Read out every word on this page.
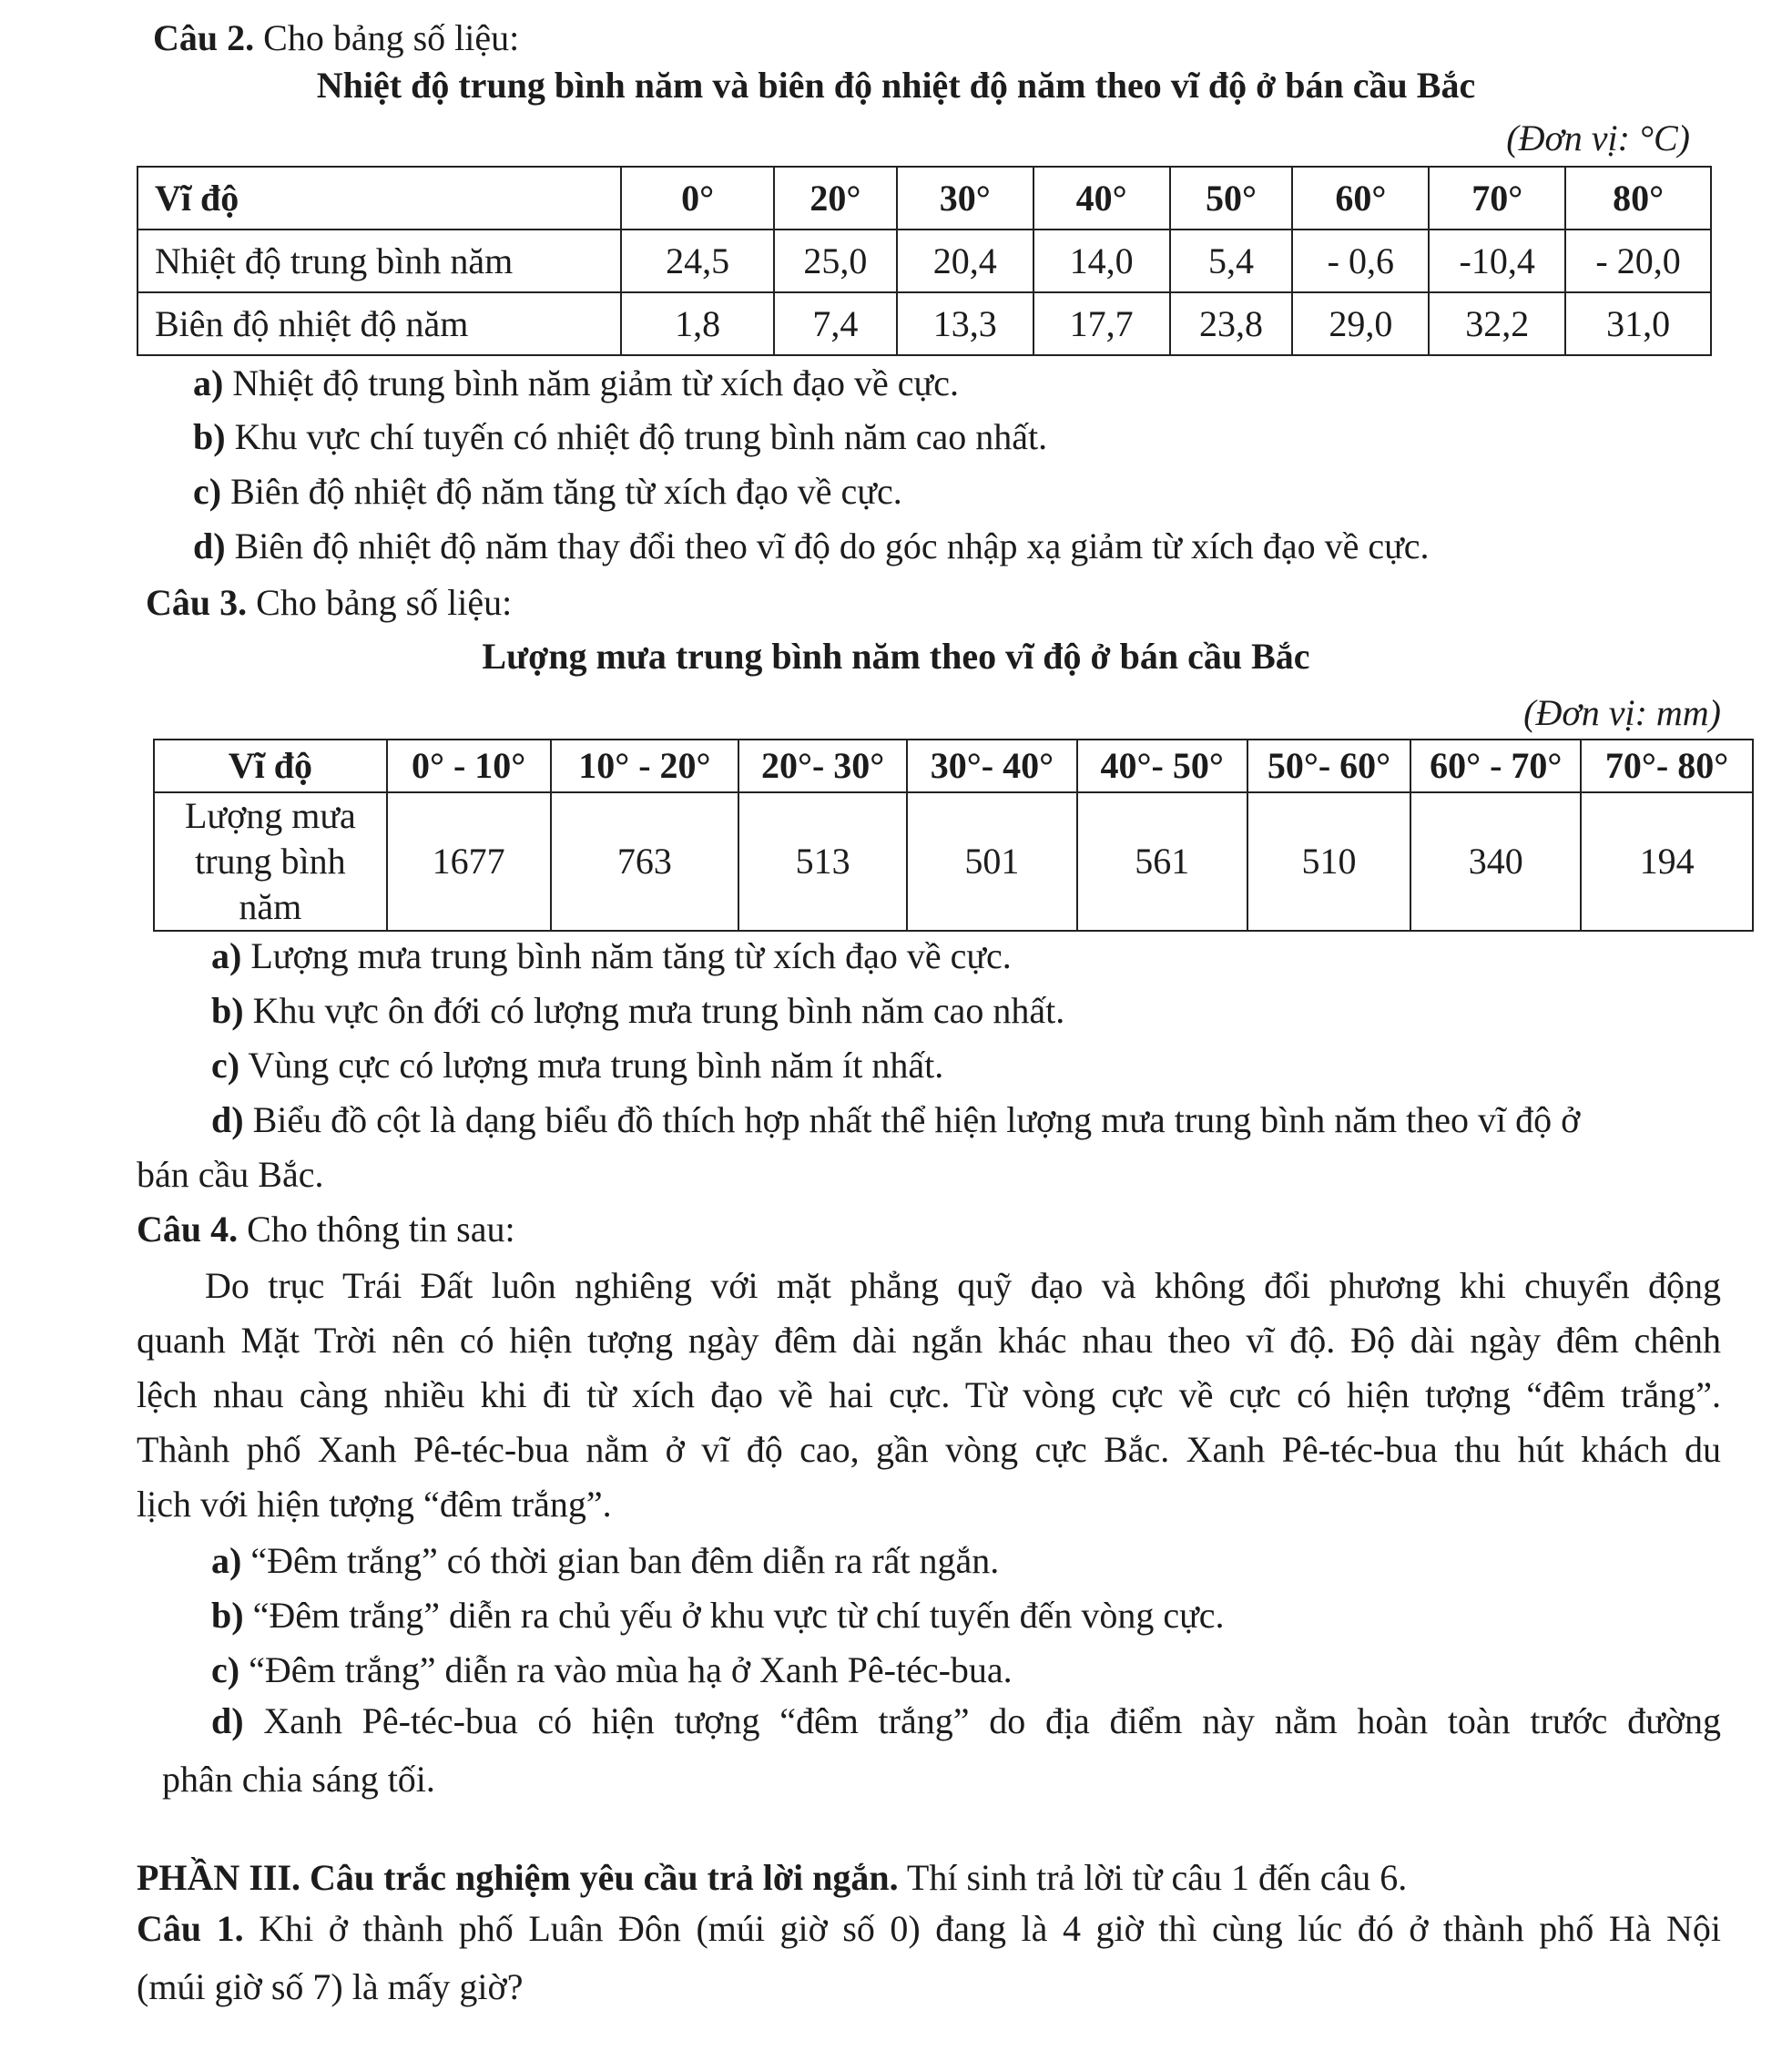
Câu 2. Cho bảng số liệu:
Nhiệt độ trung bình năm và biên độ nhiệt độ năm theo vĩ độ ở bán cầu Bắc
(Đơn vị: °C)
Vĩ độ	0°	20°	30°	40°	50°	60°	70°	80°
Nhiệt độ trung bình năm	24,5	25,0	20,4	14,0	5,4	- 0,6	-10,4	- 20,0
Biên độ nhiệt độ năm	1,8	7,4	13,3	17,7	23,8	29,0	32,2	31,0
a) Nhiệt độ trung bình năm giảm từ xích đạo về cực.
b) Khu vực chí tuyến có nhiệt độ trung bình năm cao nhất.
c) Biên độ nhiệt độ năm tăng từ xích đạo về cực.
d) Biên độ nhiệt độ năm thay đổi theo vĩ độ do góc nhập xạ giảm từ xích đạo về cực.
Câu 3. Cho bảng số liệu:
Lượng mưa trung bình năm theo vĩ độ ở bán cầu Bắc
(Đơn vị: mm)
Vĩ độ	0° - 10°	10° - 20°	20°- 30°	30°- 40°	40°- 50°	50°- 60°	60° - 70°	70°- 80°

Lượng mưa
trung bình
năm	1677	763	513	501	561	510	340	194
a) Lượng mưa trung bình năm tăng từ xích đạo về cực.
b) Khu vực ôn đới có lượng mưa trung bình năm cao nhất.
c) Vùng cực có lượng mưa trung bình năm ít nhất.
d) Biểu đồ cột là dạng biểu đồ thích hợp nhất thể hiện lượng mưa trung bình năm theo vĩ độ ở
bán cầu Bắc.
Câu 4. Cho thông tin sau:
Do trục Trái Đất luôn nghiêng với mặt phẳng quỹ đạo và không đổi phương khi chuyển động
quanh Mặt Trời nên có hiện tượng ngày đêm dài ngắn khác nhau theo vĩ độ. Độ dài ngày đêm chênh
lệch nhau càng nhiều khi đi từ xích đạo về hai cực. Từ vòng cực về cực có hiện tượng “đêm trắng”.
Thành phố Xanh Pê-téc-bua nằm ở vĩ độ cao, gần vòng cực Bắc. Xanh Pê-téc-bua thu hút khách du
lịch với hiện tượng “đêm trắng”.
a) “Đêm trắng” có thời gian ban đêm diễn ra rất ngắn.
b) “Đêm trắng” diễn ra chủ yếu ở khu vực từ chí tuyến đến vòng cực.
c) “Đêm trắng” diễn ra vào mùa hạ ở Xanh Pê-téc-bua.
d) Xanh Pê-téc-bua có hiện tượng “đêm trắng” do địa điểm này nằm hoàn toàn trước đường
phân chia sáng tối.
PHẦN III. Câu trắc nghiệm yêu cầu trả lời ngắn. Thí sinh trả lời từ câu 1 đến câu 6.
Câu 1. Khi ở thành phố Luân Đôn (múi giờ số 0) đang là 4 giờ thì cùng lúc đó ở thành phố Hà Nội
(múi giờ số 7) là mấy giờ?
